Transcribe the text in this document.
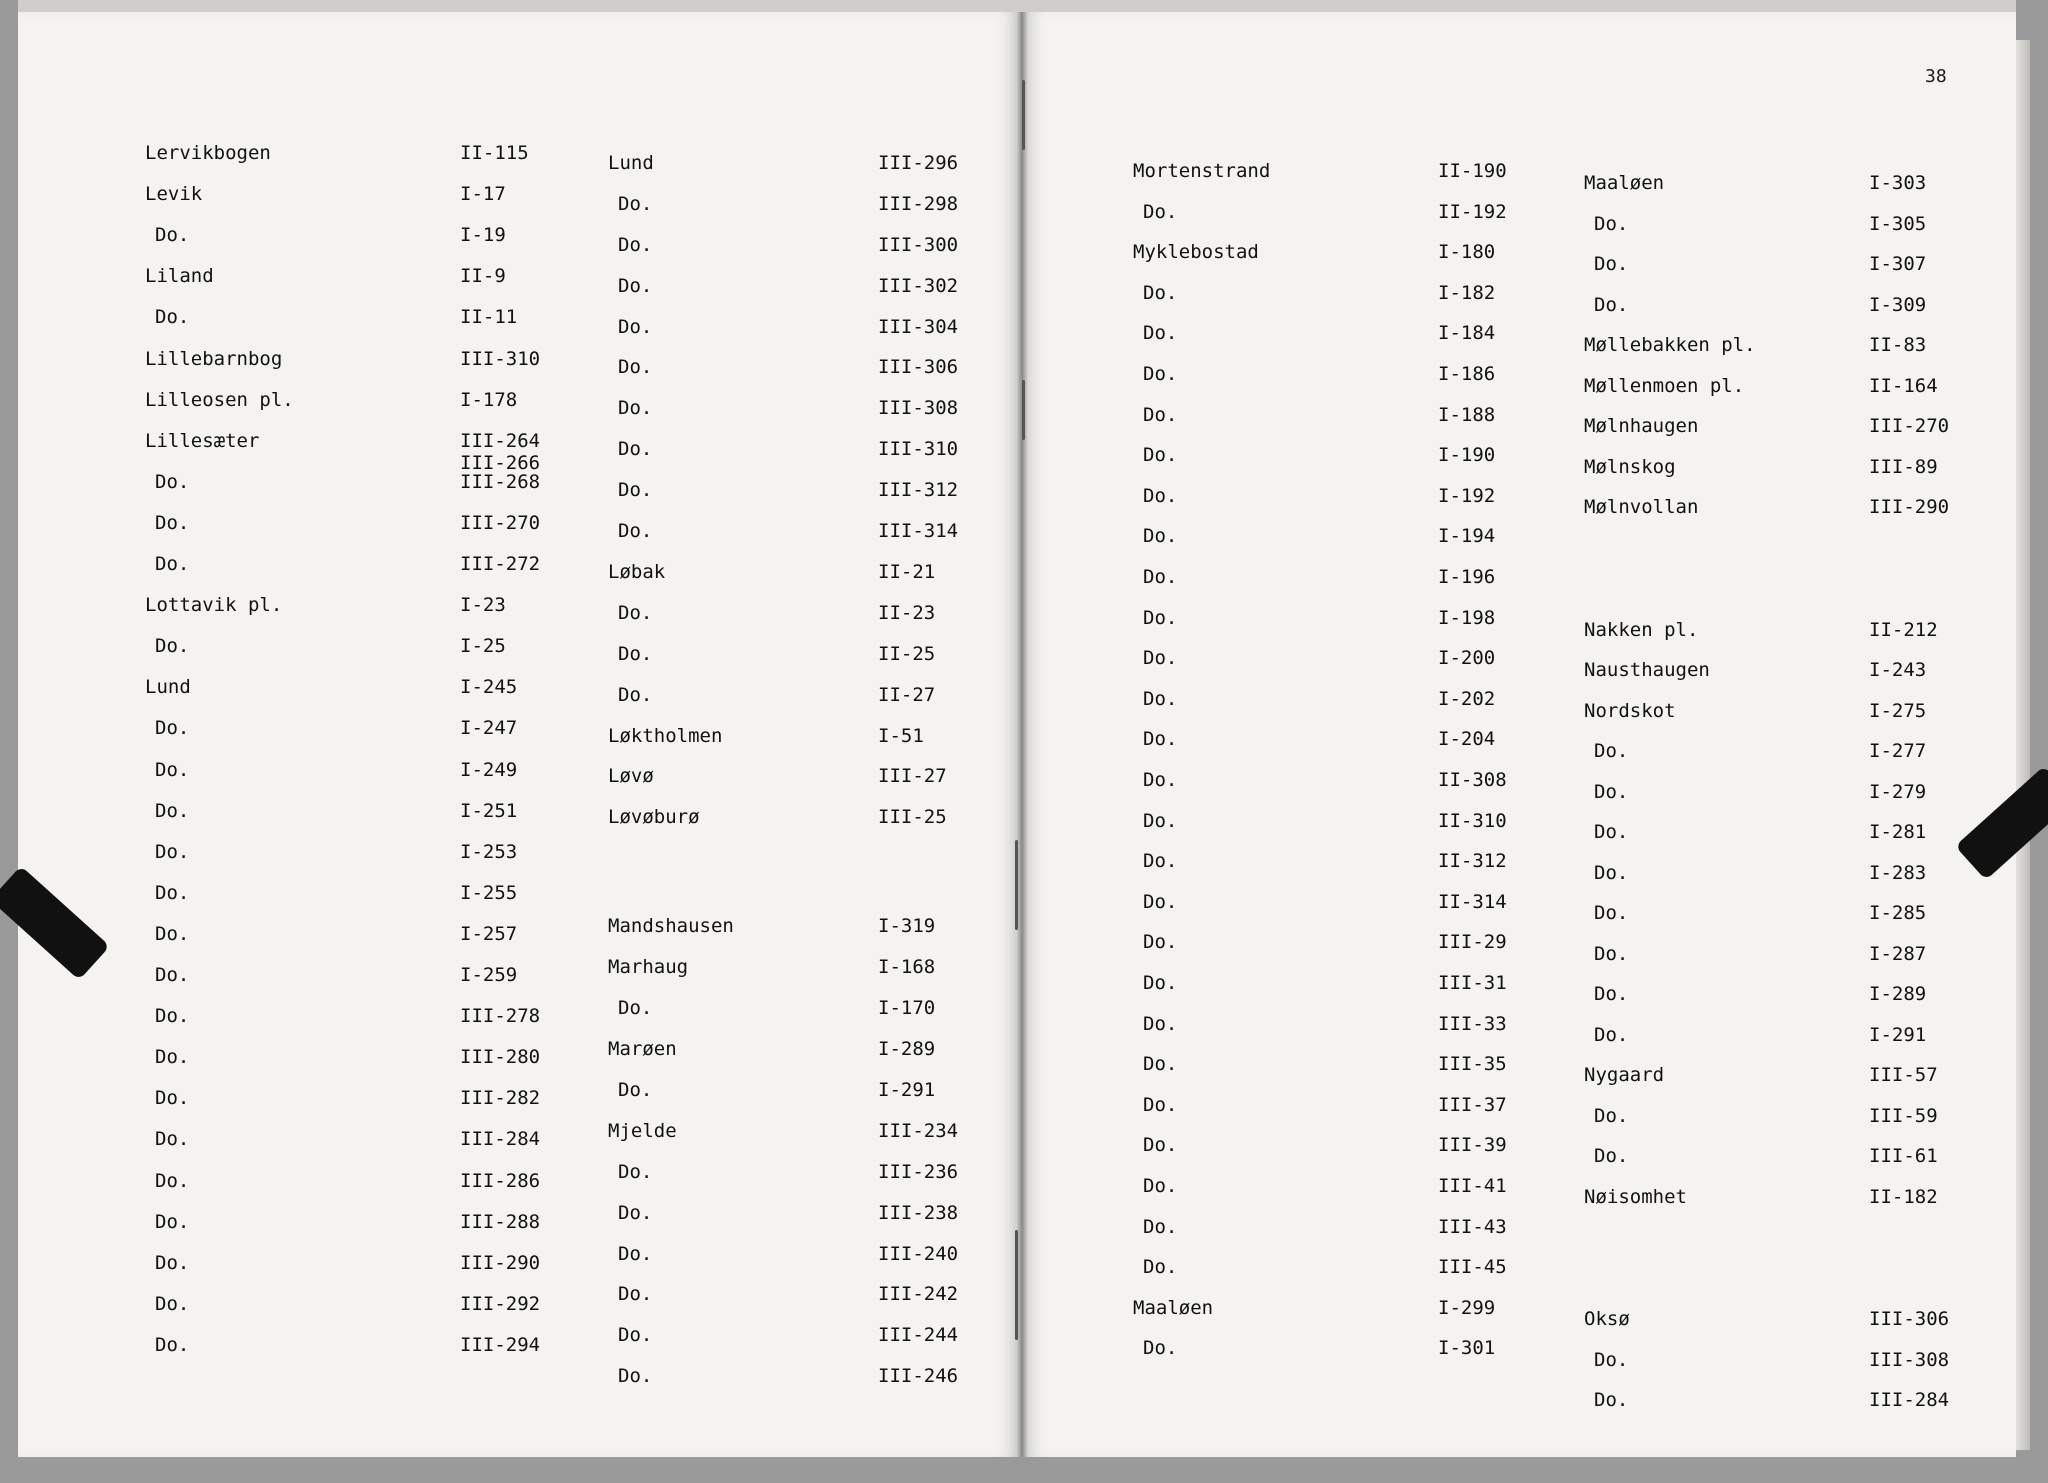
38
Lervikbogen	II-115
Levik	I-17
Do.	I-19
Liland	II-9
Do.	II-11
Lillebarnbog	III-310
Lilleosen pl.	I-178
Lillesæter	III-264
III-266
Do.	III-268
Do.	III-270
Do.	III-272
Lottavik pl.	I-23
Do.	I-25
Lund	I-245
Do.	I-247
Do.	I-249
Do.	I-251
Do.	I-253
Do.	I-255
Do.	I-257
Do.	I-259
Do.	III-278
Do.	III-280
Do.	III-282
Do.	III-284
Do.	III-286
Do.	III-288
Do.	III-290
Do.	III-292
Do.	III-294
Lund	III-296
Do.	III-298
Do.	III-300
Do.	III-302
Do.	III-304
Do.	III-306
Do.	III-308
Do.	III-310
Do.	III-312
Do.	III-314
Løbak	II-21
Do.	II-23
Do.	II-25
Do.	II-27
Løktholmen	I-51
Løvø	III-27
Løvøburø	III-25
Mandshausen	I-319
Marhaug	I-168
Do.	I-170
Marøen	I-289
Do.	I-291
Mjelde	III-234
Do.	III-236
Do.	III-238
Do.	III-240
Do.	III-242
Do.	III-244
Do.	III-246
Mortenstrand	II-190
Do.	II-192
Myklebostad	I-180
Do.	I-182
Do.	I-184
Do.	I-186
Do.	I-188
Do.	I-190
Do.	I-192
Do.	I-194
Do.	I-196
Do.	I-198
Do.	I-200
Do.	I-202
Do.	I-204
Do.	II-308
Do.	II-310
Do.	II-312
Do.	II-314
Do.	III-29
Do.	III-31
Do.	III-33
Do.	III-35
Do.	III-37
Do.	III-39
Do.	III-41
Do.	III-43
Do.	III-45
Maaløen	I-299
Do.	I-301
Maaløen	I-303
Do.	I-305
Do.	I-307
Do.	I-309
Møllebakken pl.	II-83
Møllenmoen pl.	II-164
Mølnhaugen	III-270
Mølnskog	III-89
Mølnvollan	III-290
Nakken pl.	II-212
Nausthaugen	I-243
Nordskot	I-275
Do.	I-277
Do.	I-279
Do.	I-281
Do.	I-283
Do.	I-285
Do.	I-287
Do.	I-289
Do.	I-291
Nygaard	III-57
Do.	III-59
Do.	III-61
Nøisomhet	II-182
Oksø	III-306
Do.	III-308
Do.	III-284
